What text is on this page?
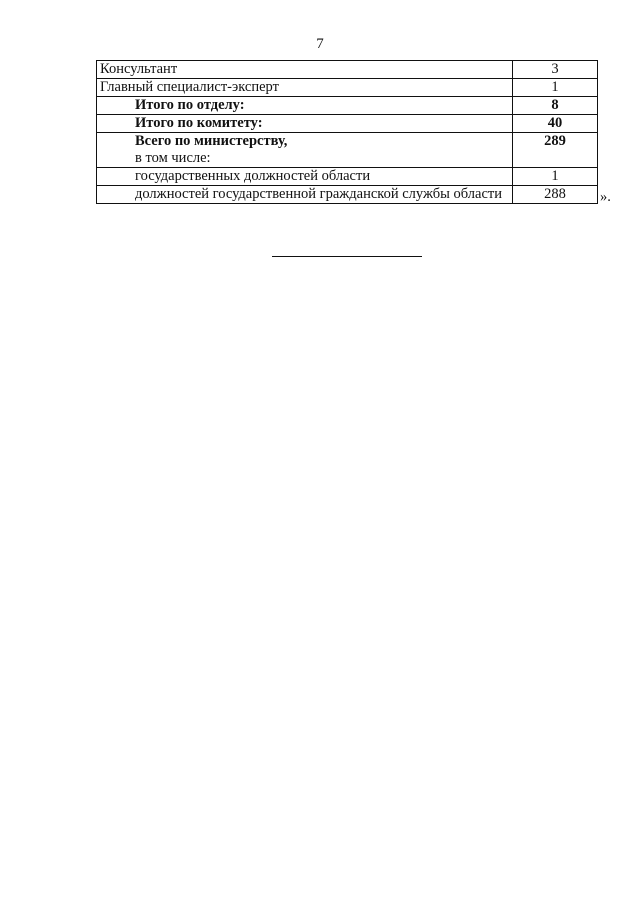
7
Консультант	3
Главный специалист-эксперт	1
Итого по отделу:	8
Итого по комитету:	40

Всего по министерству,
в том числе:	289
государственных должностей области	1
должностей государственной гражданской службы области	288 ».
